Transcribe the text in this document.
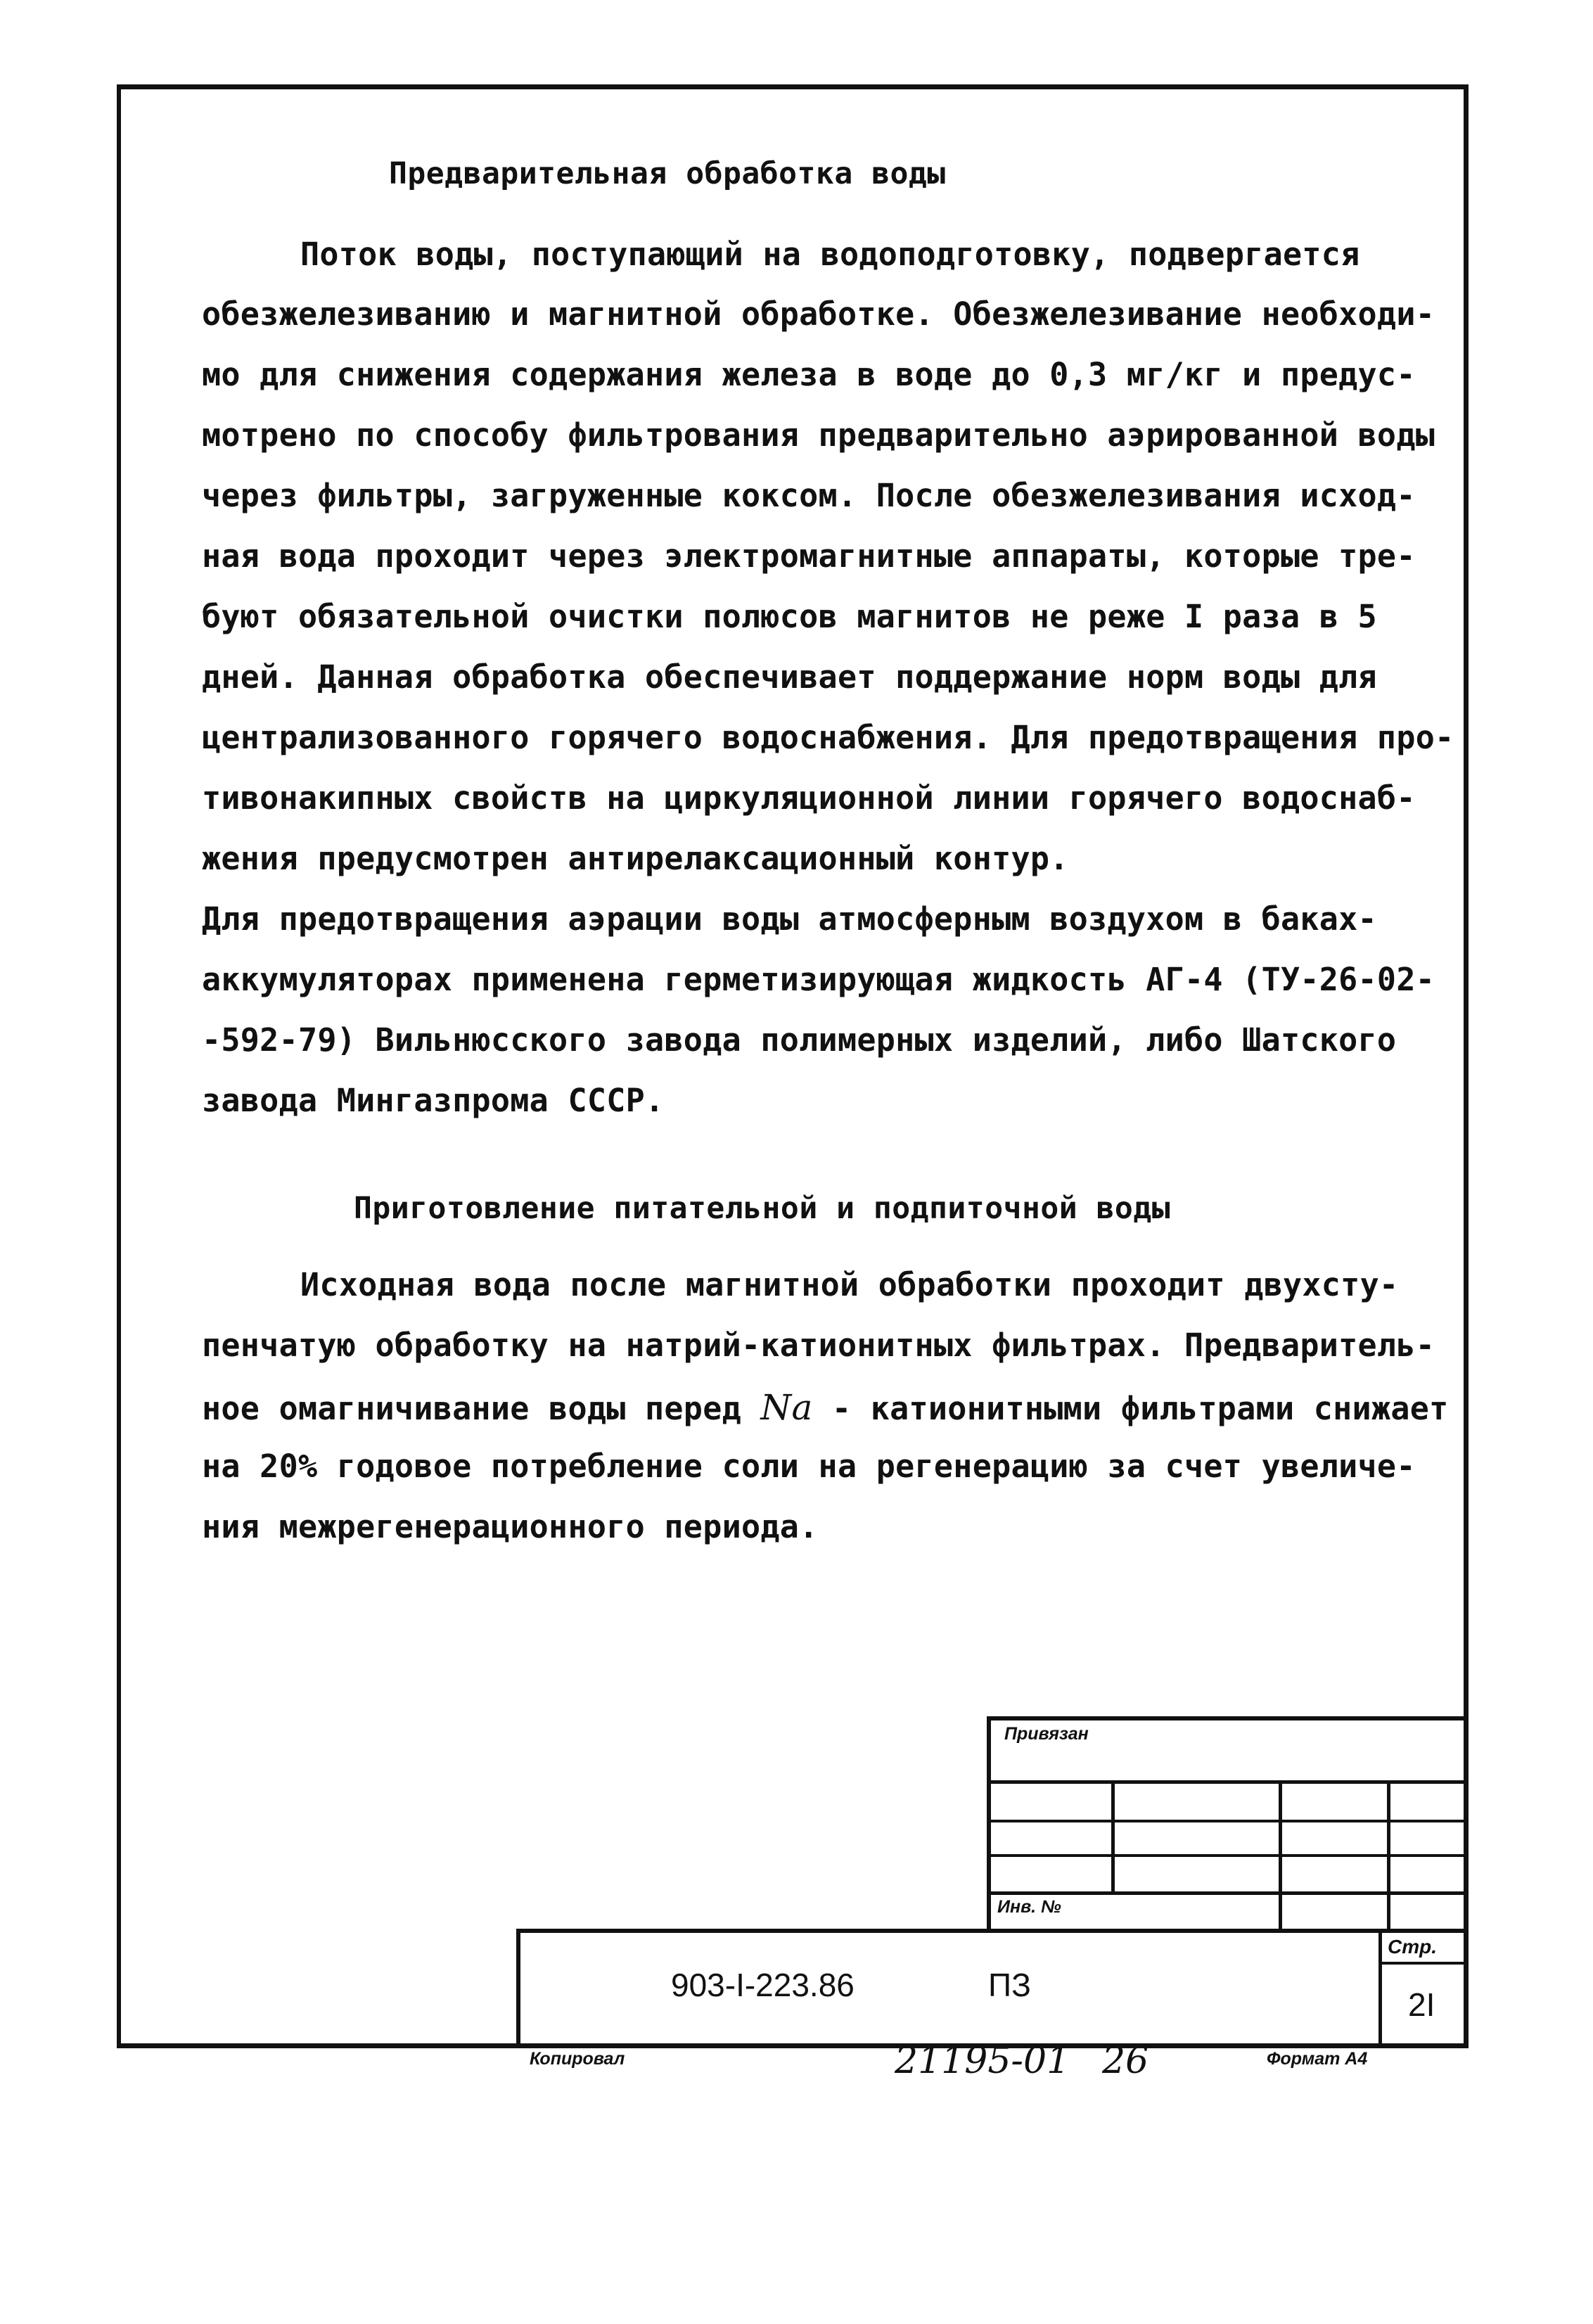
Предварительная обработка воды
Поток воды, поступающий на водоподготовку, подвергается
обезжелезиванию и магнитной обработке. Обезжелезивание необходи-
мо для снижения содержания железа в воде до 0,3 мг/кг и предус-
мотрено по способу фильтрования предварительно аэрированной воды
через фильтры, загруженные коксом. После обезжелезивания исход-
ная вода проходит через электромагнитные аппараты, которые тре-
буют обязательной очистки полюсов магнитов не реже I раза в 5
дней. Данная обработка обеспечивает поддержание норм воды для
централизованного горячего водоснабжения. Для предотвращения про-
тивонакипных свойств на циркуляционной линии горячего водоснаб-
жения предусмотрен антирелаксационный контур.
Для предотвращения аэрации воды атмосферным воздухом в баках-
аккумуляторах применена герметизирующая жидкость АГ-4 (ТУ-26-02-
-592-79) Вильнюсского завода полимерных изделий, либо Шатского
завода Мингазпрома СССР.
Приготовление питательной и подпиточной воды
Исходная вода после магнитной обработки проходит двухсту-
пенчатую обработку на натрий-катионитных фильтрах. Предваритель-
ное омагничивание воды перед Na - катионитными фильтрами снижает
на 20% годовое потребление соли на регенерацию за счет увеличе-
ния межрегенерационного периода.
Привязан
Инв. №
903-I-223.86	ПЗ
Стр.
2I
Копировал	21195-01 26	Формат А4
